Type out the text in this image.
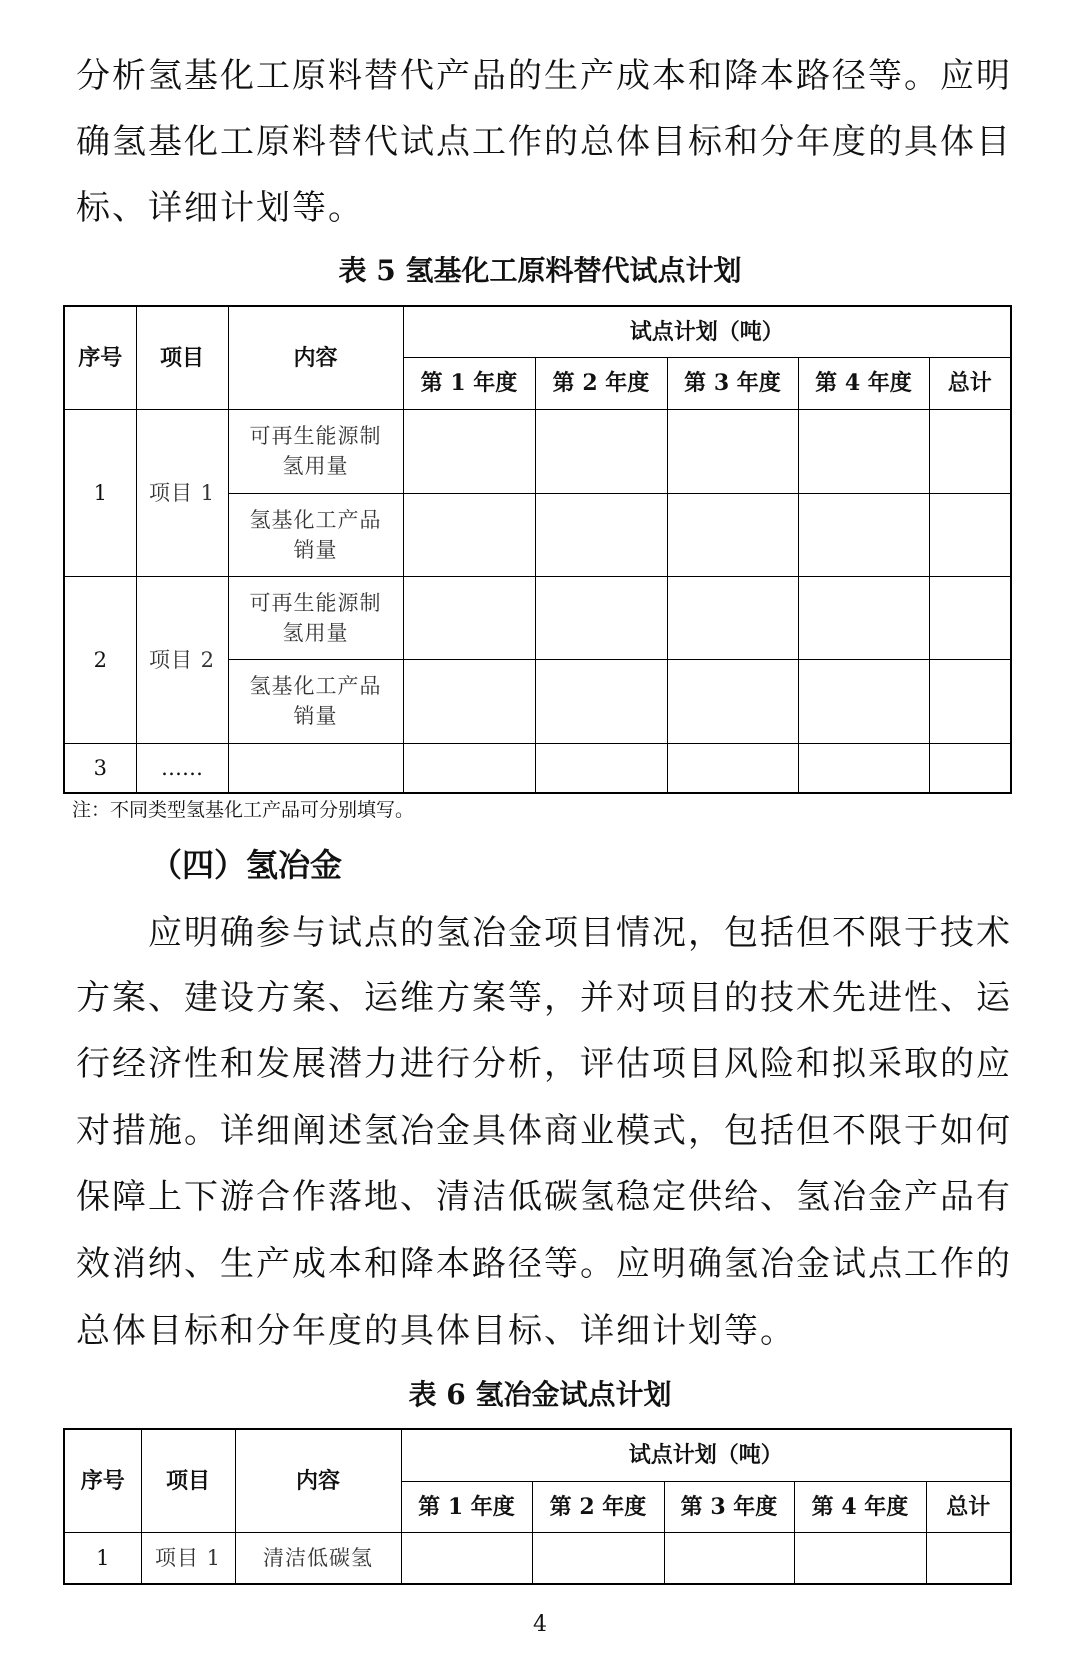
分析氢基化工原料替代产品的生产成本和降本路径等。应明
确氢基化工原料替代试点工作的总体目标和分年度的具体目
标、详细计划等。
表 5 氢基化工原料替代试点计划
序号	项目	内容	试点计划（吨）				
			第 1 年度	第 2 年度	第 3 年度	第 4 年度	总计
1	项目 1	可再生能源制氢用量					
		氢基化工产品销量					
2	项目 2	可再生能源制氢用量					
		氢基化工产品销量					
3	……						
注：不同类型氢基化工产品可分别填写。
（四）氢冶金
　　应明确参与试点的氢冶金项目情况，包括但不限于技术
方案、建设方案、运维方案等，并对项目的技术先进性、运
行经济性和发展潜力进行分析，评估项目风险和拟采取的应
对措施。详细阐述氢冶金具体商业模式，包括但不限于如何
保障上下游合作落地、清洁低碳氢稳定供给、氢冶金产品有
效消纳、生产成本和降本路径等。应明确氢冶金试点工作的
总体目标和分年度的具体目标、详细计划等。
表 6 氢冶金试点计划
序号	项目	内容	试点计划（吨）				
			第 1 年度	第 2 年度	第 3 年度	第 4 年度	总计
1	项目 1	清洁低碳氢					
4
